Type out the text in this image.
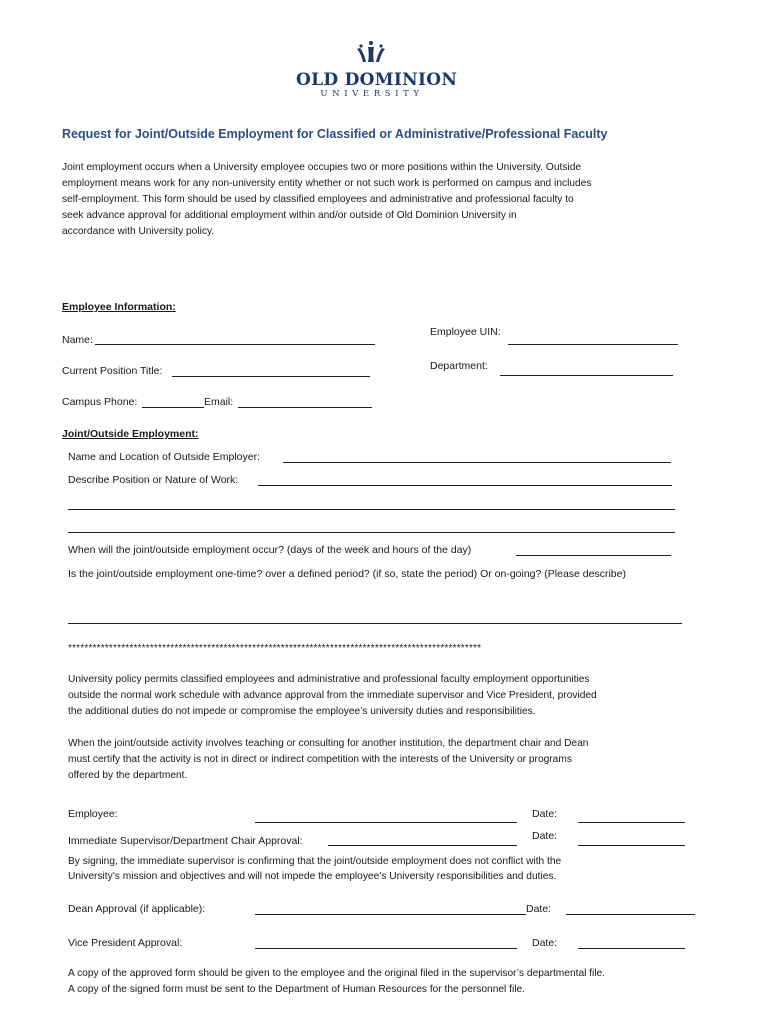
OLD DOMINION
UNIVERSITY
Request for Joint/Outside Employment for Classified or Administrative/Professional Faculty
Joint employment occurs when a University employee occupies two or more positions within the University. Outside
employment means work for any non-university entity whether or not such work is performed on campus and includes
self-employment. This form should be used by classified employees and administrative and professional faculty to
seek advance approval for additional employment within and/or outside of Old Dominion University in
accordance with University policy.
Employee Information:
Name:
Employee UIN:
Current Position Title:	Department:
Campus Phone:	Email:
Joint/Outside Employment:
Name and Location of Outside Employer:
Describe Position or Nature of Work:
When will the joint/outside employment occur? (days of the week and hours of the day)
Is the joint/outside employment one-time? over a defined period? (if so, state the period) Or on-going? (Please describe)
*****************************************************************************************************
University policy permits classified employees and administrative and professional faculty employment opportunities
outside the normal work schedule with advance approval from the immediate supervisor and Vice President, provided
the additional duties do not impede or compromise the employee’s university duties and responsibilities.
When the joint/outside activity involves teaching or consulting for another institution, the department chair and Dean
must certify that the activity is not in direct or indirect competition with the interests of the University or programs
offered by the department.
Employee:	Date:
Immediate Supervisor/Department Chair Approval:	Date:
By signing, the immediate supervisor is confirming that the joint/outside employment does not conflict with the
University’s mission and objectives and will not impede the employee’s University responsibilities and duties.
Dean Approval (if applicable):	Date:
Vice President Approval:	Date:
A copy of the approved form should be given to the employee and the original filed in the supervisor’s departmental file.
A copy of the signed form must be sent to the Department of Human Resources for the personnel file.
